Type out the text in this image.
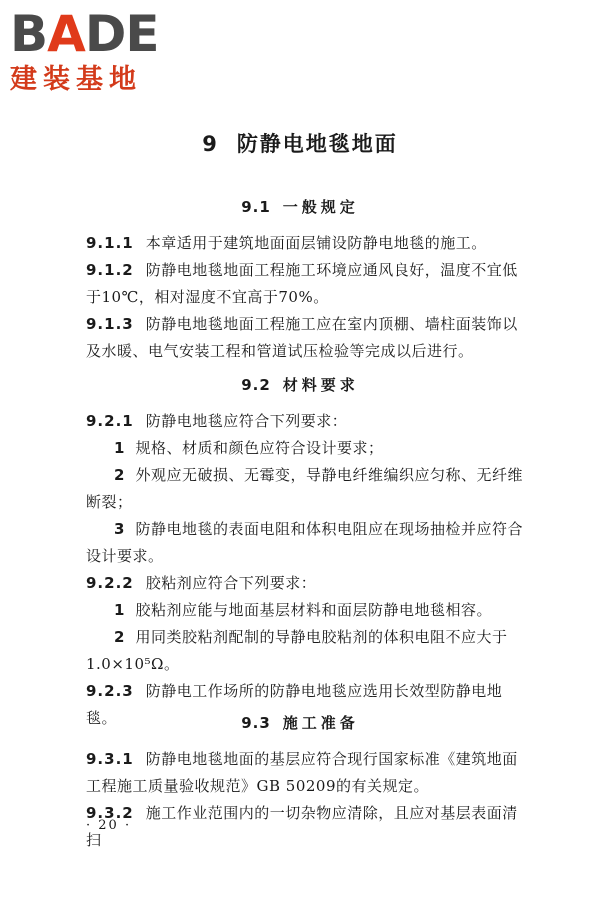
BADE
建装基地
9 防静电地毯地面
9.1 一般规定
9.1.1 本章适用于建筑地面面层铺设防静电地毯的施工。
9.1.2 防静电地毯地面工程施工环境应通风良好，温度不宜低于10℃，相对湿度不宜高于70%。
9.1.3 防静电地毯地面工程施工应在室内顶棚、墙柱面装饰以及水暖、电气安装工程和管道试压检验等完成以后进行。
9.2 材料要求
9.2.1 防静电地毯应符合下列要求：
1 规格、材质和颜色应符合设计要求；
2 外观应无破损、无霉变，导静电纤维编织应匀称、无纤维断裂；
3 防静电地毯的表面电阻和体积电阻应在现场抽检并应符合设计要求。
9.2.2 胶粘剂应符合下列要求：
1 胶粘剂应能与地面基层材料和面层防静电地毯相容。
2 用同类胶粘剂配制的导静电胶粘剂的体积电阻不应大于1.0×10⁵Ω。
9.2.3 防静电工作场所的防静电地毯应选用长效型防静电地毯。	9.3 施工准备
9.3.1 防静电地毯地面的基层应符合现行国家标准《建筑地面工程施工质量验收规范》GB 50209的有关规定。
9.3.2 施工作业范围内的一切杂物应清除，且应对基层表面清扫
· 20 ·
